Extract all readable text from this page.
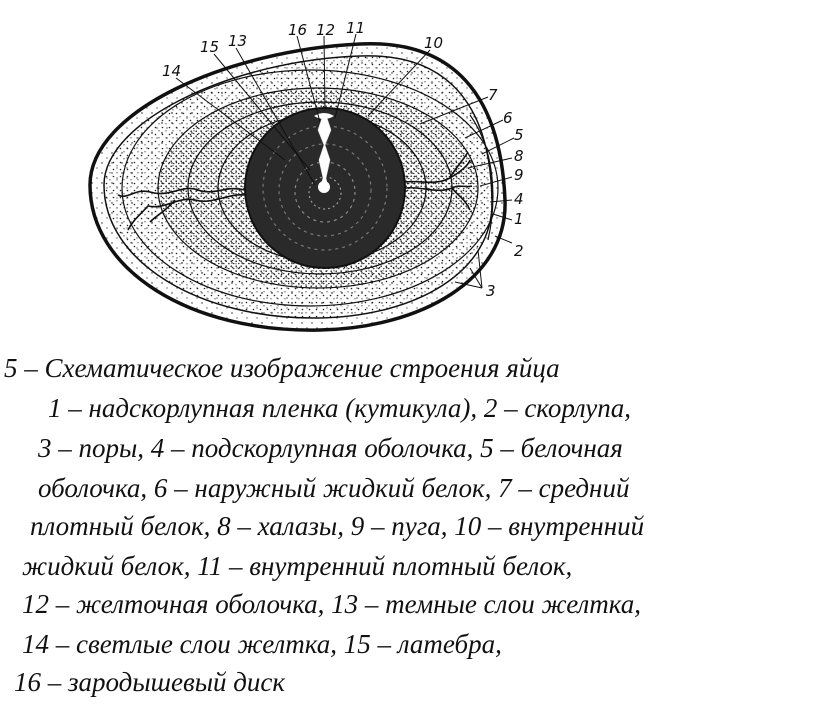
16 12 11
10
15 13
14
7
6
5
8
9
4
1
2
3
5 – Схематическое изображение строения яйца
1 – надскорлупная пленка (кутикула), 2 – скорлупа,
3 – поры, 4 – подскорлупная оболочка, 5 – белочная
оболочка, 6 – наружный жидкий белок, 7 – средний
плотный белок, 8 – халазы, 9 – пуга, 10 – внутренний
жидкий белок, 11 – внутренний плотный белок,
12 – желточная оболочка, 13 – темные слои желтка,
14 – светлые слои желтка, 15 – латебра,
16 – зародышевый диск
